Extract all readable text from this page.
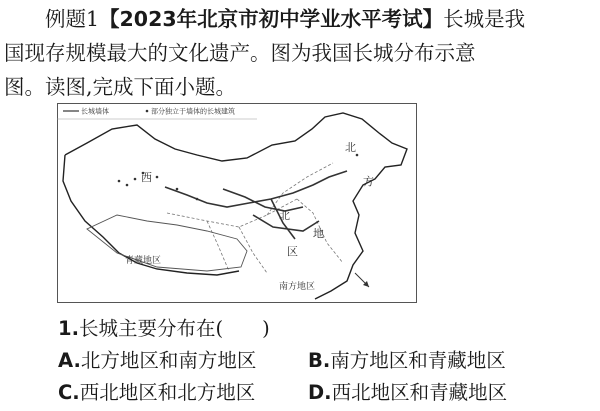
例题1【2023年北京市初中学业水平考试】长城是我
国现存规模最大的文化遗产。图为我国长城分布示意
图。读图,完成下面小题。
长城墙体	部分独立于墙体的长城建筑
西
北
方
北
地
区
青藏地区
南方地区
1.长城主要分布在(　　)
A.北方地区和南方地区	B.南方地区和青藏地区
C.西北地区和北方地区	D.西北地区和青藏地区
